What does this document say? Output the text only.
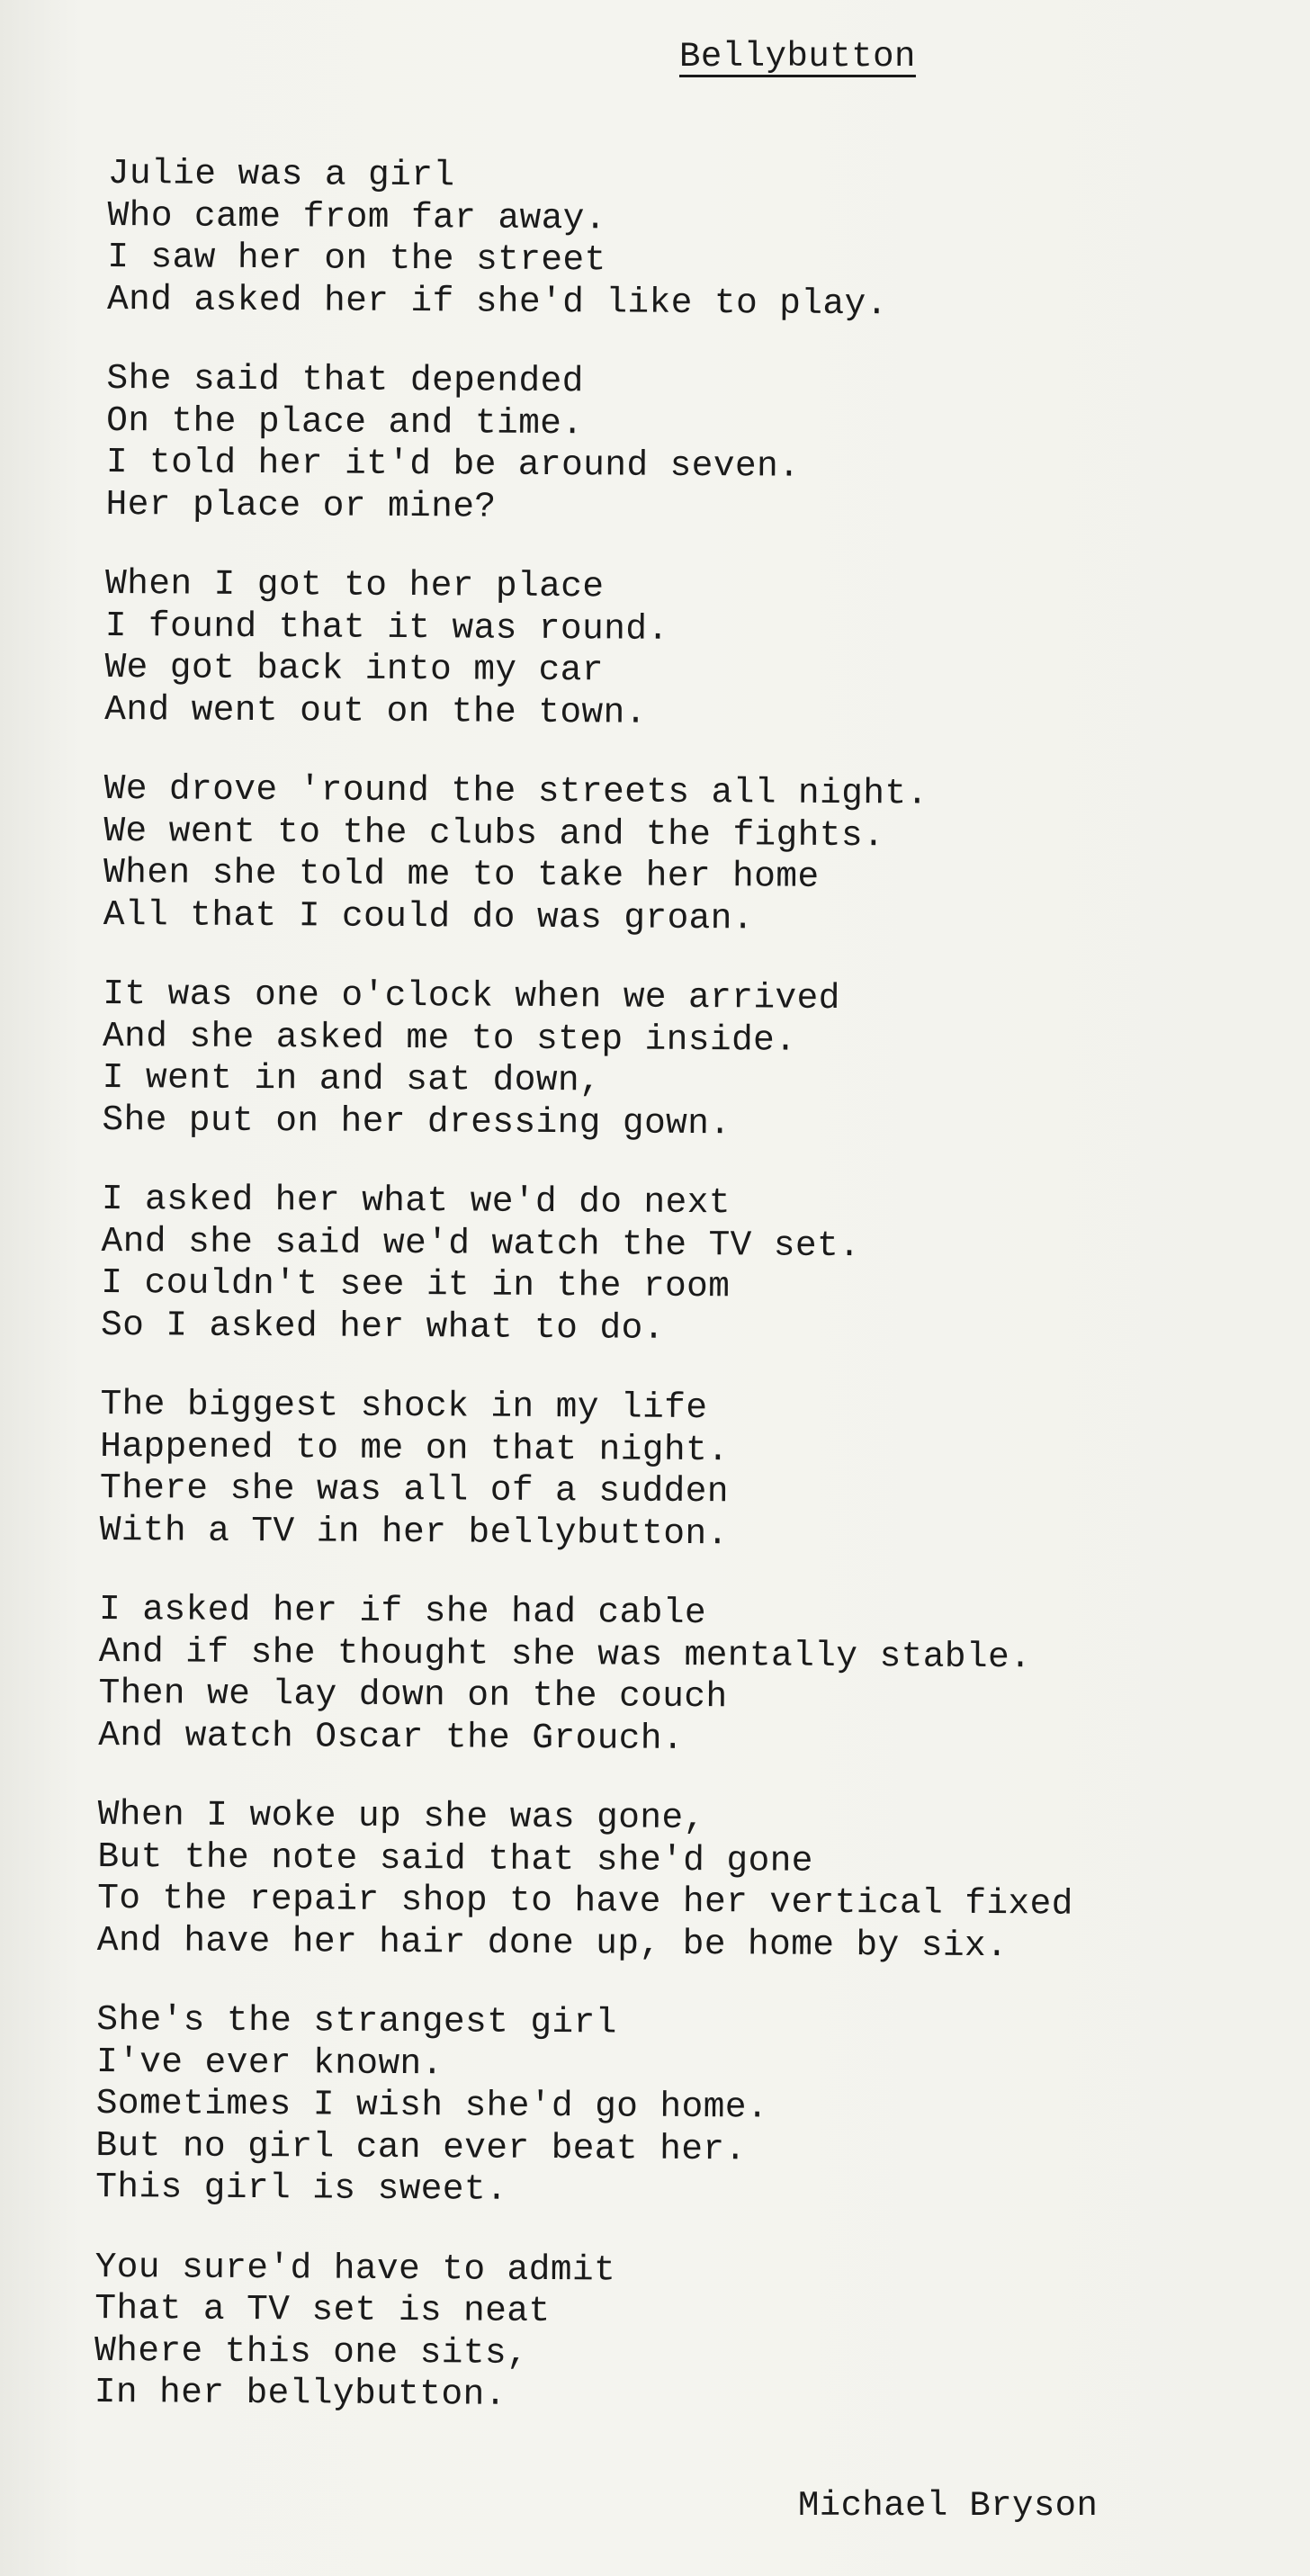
Bellybutton
Julie was a girl
Who came from far away.
I saw her on the street
And asked her if she'd like to play.
She said that depended
On the place and time.
I told her it'd be around seven.
Her place or mine?
When I got to her place
I found that it was round.
We got back into my car
And went out on the town.
We drove 'round the streets all night.
We went to the clubs and the fights.
When she told me to take her home
All that I could do was groan.
It was one o'clock when we arrived
And she asked me to step inside.
I went in and sat down,
She put on her dressing gown.
I asked her what we'd do next
And she said we'd watch the TV set.
I couldn't see it in the room
So I asked her what to do.
The biggest shock in my life
Happened to me on that night.
There she was all of a sudden
With a TV in her bellybutton.
I asked her if she had cable
And if she thought she was mentally stable.
Then we lay down on the couch
And watch Oscar the Grouch.
When I woke up she was gone,
But the note said that she'd gone
To the repair shop to have her vertical fixed
And have her hair done up, be home by six.
She's the strangest girl
I've ever known.
Sometimes I wish she'd go home.
But no girl can ever beat her.
This girl is sweet.
You sure'd have to admit
That a TV set is neat
Where this one sits,
In her bellybutton.
Michael Bryson
